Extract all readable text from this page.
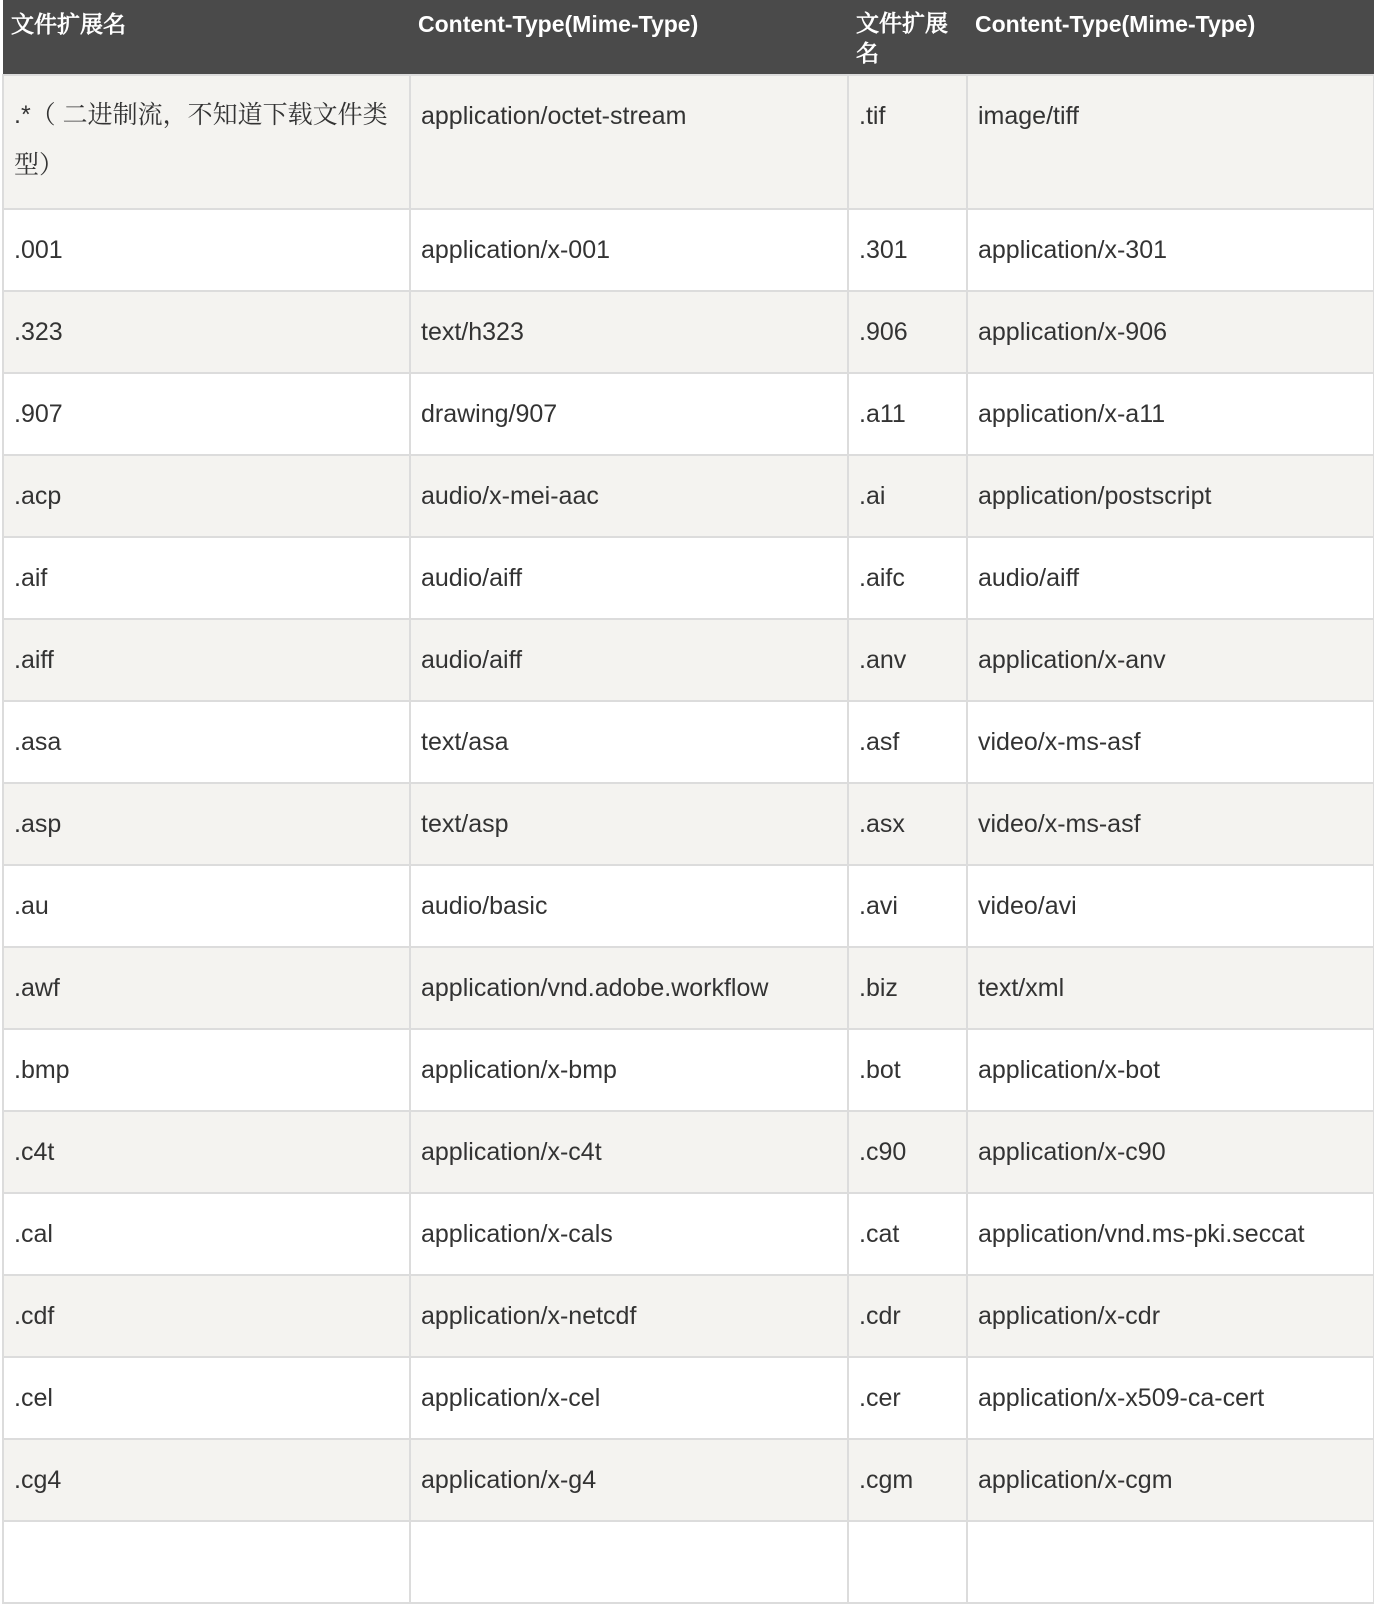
文件扩展名	Content-Type(Mime-Type)	文件扩展名	Content-Type(Mime-Type)
.*（ 二进制流，不知道下载文件类型）	application/octet-stream	.tif	image/tiff
.001	application/x-001	.301	application/x-301
.323	text/h323	.906	application/x-906
.907	drawing/907	.a11	application/x-a11
.acp	audio/x-mei-aac	.ai	application/postscript
.aif	audio/aiff	.aifc	audio/aiff
.aiff	audio/aiff	.anv	application/x-anv
.asa	text/asa	.asf	video/x-ms-asf
.asp	text/asp	.asx	video/x-ms-asf
.au	audio/basic	.avi	video/avi
.awf	application/vnd.adobe.workflow	.biz	text/xml
.bmp	application/x-bmp	.bot	application/x-bot
.c4t	application/x-c4t	.c90	application/x-c90
.cal	application/x-cals	.cat	application/vnd.ms-pki.seccat
.cdf	application/x-netcdf	.cdr	application/x-cdr
.cel	application/x-cel	.cer	application/x-x509-ca-cert
.cg4	application/x-g4	.cgm	application/x-cgm
